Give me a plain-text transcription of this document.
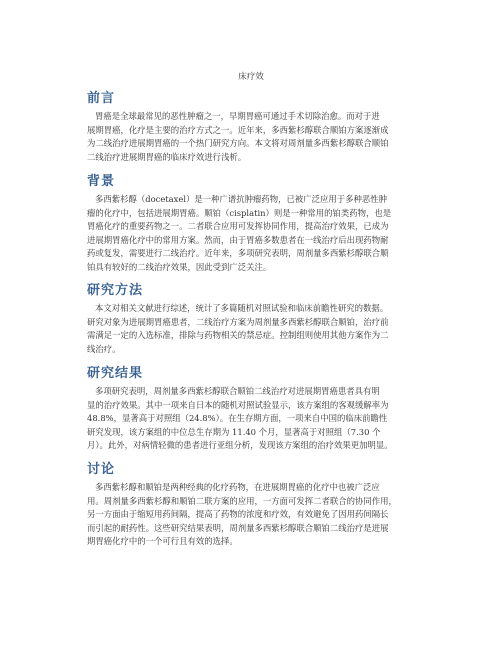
床疗效
前言
胃癌是全球最常见的恶性肿瘤之一，早期胃癌可通过手术切除治愈。而对于进
展期胃癌，化疗是主要的治疗方式之一。近年来，多西紫杉醇联合顺铂方案逐渐成
为二线治疗进展期胃癌的一个热门研究方向。本文将对周剂量多西紫杉醇联合顺铂
二线治疗进展期胃癌的临床疗效进行浅析。
背景
多西紫杉醇（docetaxel）是一种广谱抗肿瘤药物，已被广泛应用于多种恶性肿
瘤的化疗中，包括进展期胃癌。顺铂（cisplatin）则是一种常用的铂类药物，也是
胃癌化疗的重要药物之一。二者联合应用可发挥协同作用，提高治疗效果，已成为
进展期胃癌化疗中的常用方案。然而，由于胃癌多数患者在一线治疗后出现药物耐
药或复发，需要进行二线治疗。近年来，多项研究表明，周剂量多西紫杉醇联合顺
铂具有较好的二线治疗效果，因此受到广泛关注。
研究方法
本文对相关文献进行综述，统计了多篇随机对照试验和临床前瞻性研究的数据。
研究对象为进展期胃癌患者，二线治疗方案为周剂量多西紫杉醇联合顺铂，治疗前
需满足一定的入选标准，排除与药物相关的禁忌症。控制组则使用其他方案作为二
线治疗。
研究结果
多项研究表明，周剂量多西紫杉醇联合顺铂二线治疗对进展期胃癌患者具有明
显的治疗效果。其中一项来自日本的随机对照试验显示，该方案组的客观缓解率为
48.8%，显著高于对照组（24.8%）。在生存期方面，一项来自中国的临床前瞻性
研究发现，该方案组的中位总生存期为 11.40 个月，显著高于对照组（7.30 个
月）。此外，对病情轻微的患者进行亚组分析，发现该方案组的治疗效果更加明显。
讨论
多西紫杉醇和顺铂是两种经典的化疗药物，在进展期胃癌的化疗中也被广泛应
用。周剂量多西紫杉醇和顺铂二联方案的应用，一方面可发挥二者联合的协同作用，
另一方面由于缩短用药间隔，提高了药物的浓度和疗效，有效避免了因用药间隔长
而引起的耐药性。这些研究结果表明，周剂量多西紫杉醇联合顺铂二线治疗是进展
期胃癌化疗中的一个可行且有效的选择。
